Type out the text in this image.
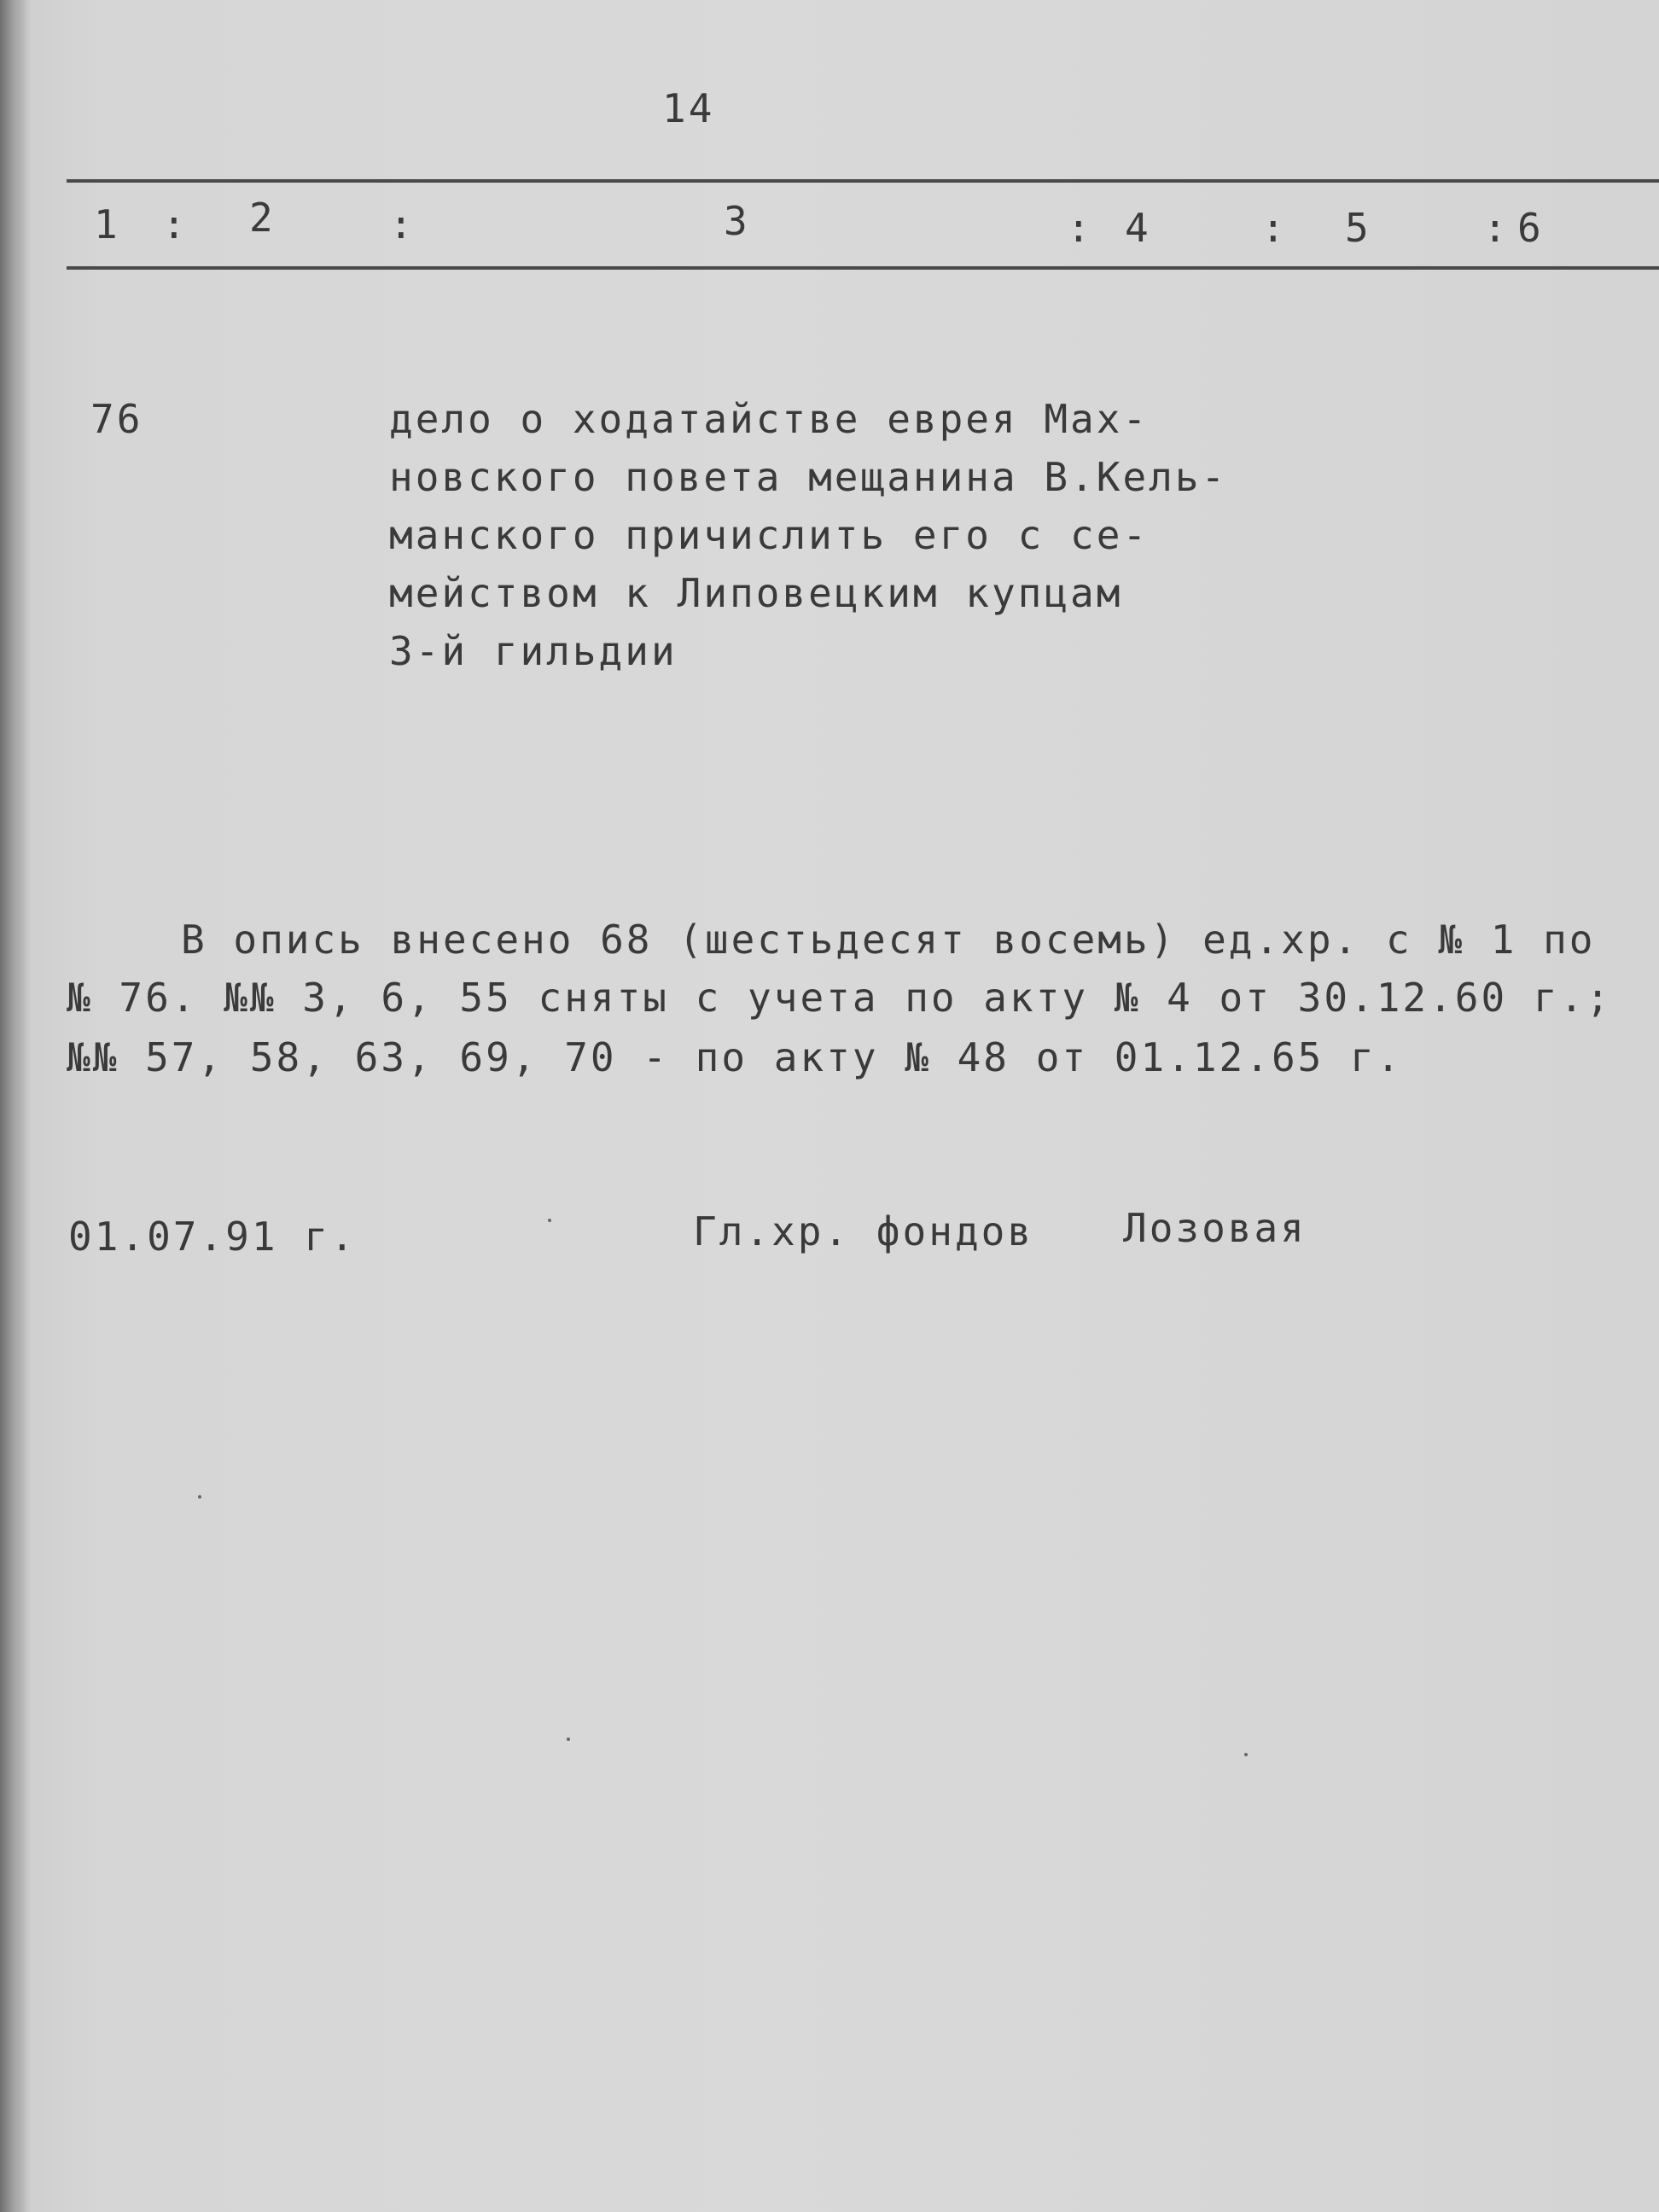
14
1 : 2	:	3	: 4	: 5	: 6
76	дело о ходатайстве еврея Мах-
новского повета мещанина В.Кель-
манского причислить его с се-
мейством к Липовецким купцам
3-й гильдии
В опись внесено 68 (шестьдесят восемь) ед.хр. с № 1 по
№ 76. №№ 3, 6, 55 сняты с учета по акту № 4 от 30.12.60 г.;
№№ 57, 58, 63, 69, 70 - по акту № 48 от 01.12.65 г.
01.07.91 г.	Гл.хр. фондов Лозовая
